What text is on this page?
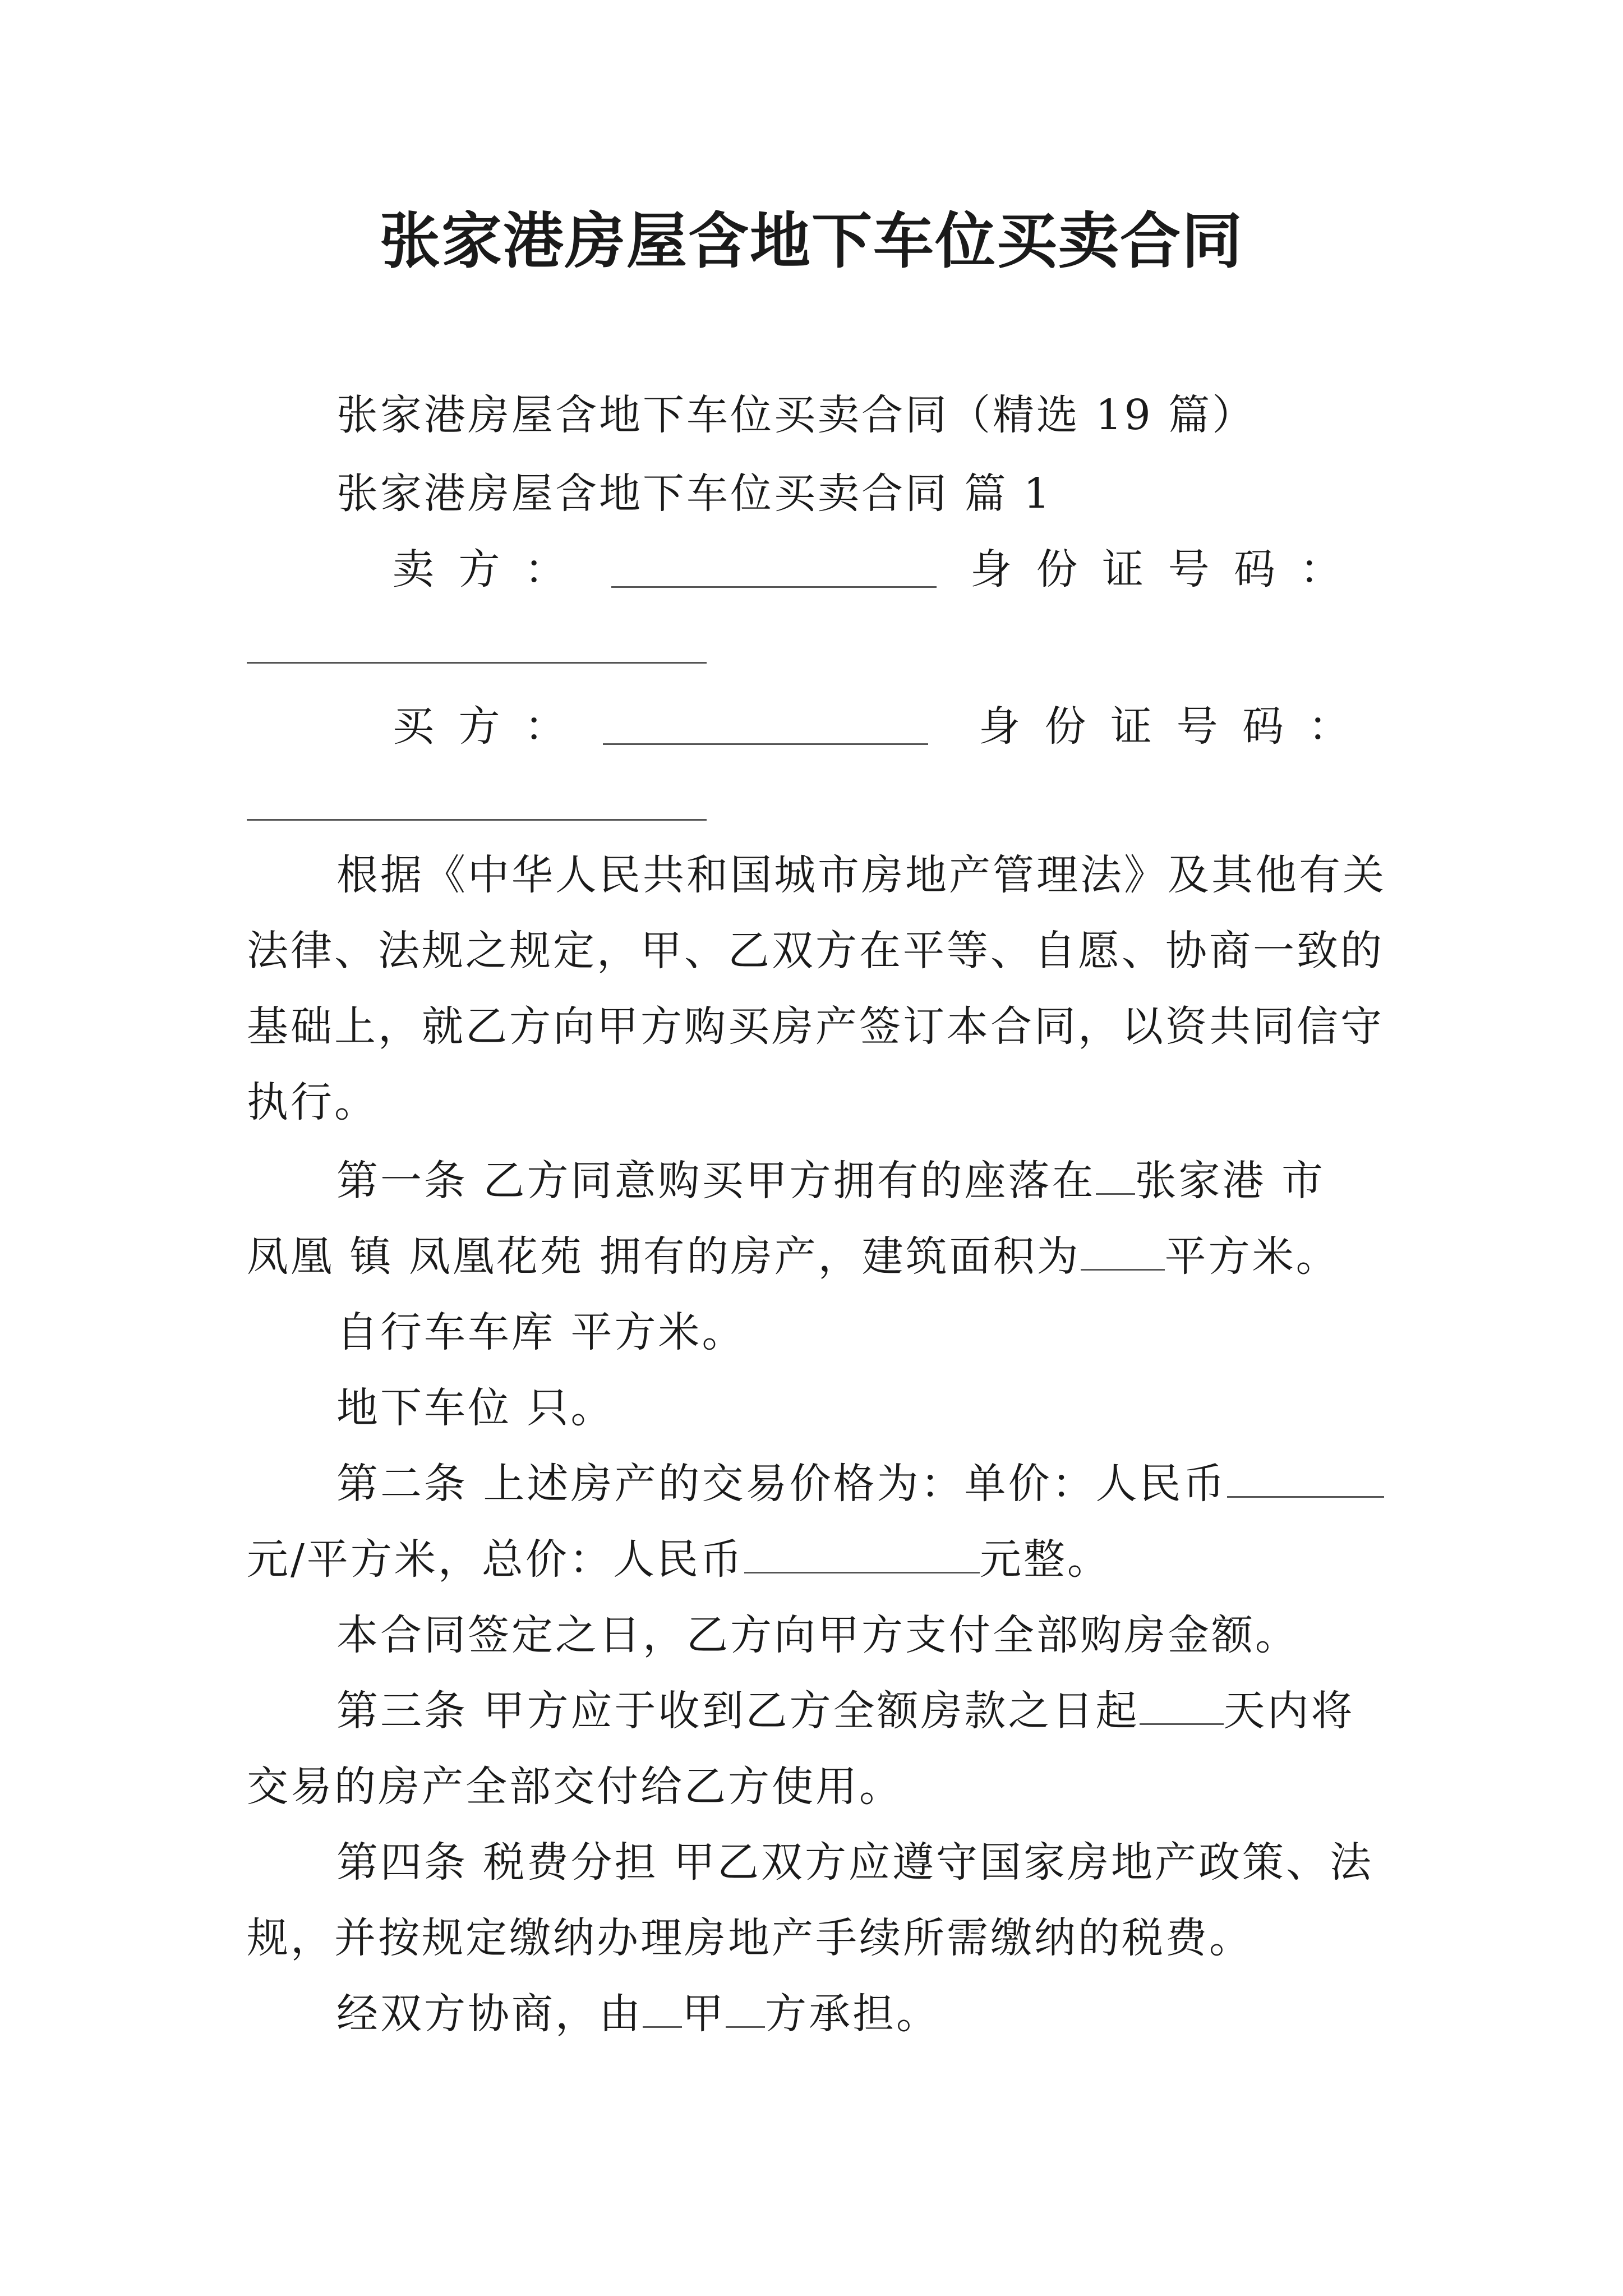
张家港房屋含地下车位买卖合同
张家港房屋含地下车位买卖合同（精选 19 篇）
张家港房屋含地下车位买卖合同 篇 1
卖 方 ：	身 份 证 号 码 ：
买 方 ：	身 份 证 号 码 ：
根据《中华人民共和国城市房地产管理法》及其他有关
法律、法规之规定，甲、乙双方在平等、自愿、协商一致的
基础上，就乙方向甲方购买房产签订本合同，以资共同信守
执行。
第一条 乙方同意购买甲方拥有的座落在 张家港 市
凤凰 镇 凤凰花苑 拥有的房产，建筑面积为 平方米。
自行车车库 平方米。
地下车位 只。
第二条 上述房产的交易价格为：单价：人民币
元/平方米，总价：人民币	元整。
本合同签定之日，乙方向甲方支付全部购房金额。
第三条 甲方应于收到乙方全额房款之日起 天内将
交易的房产全部交付给乙方使用。
第四条 税费分担 甲乙双方应遵守国家房地产政策、法
规，并按规定缴纳办理房地产手续所需缴纳的税费。
经双方协商，由 甲 方承担。
